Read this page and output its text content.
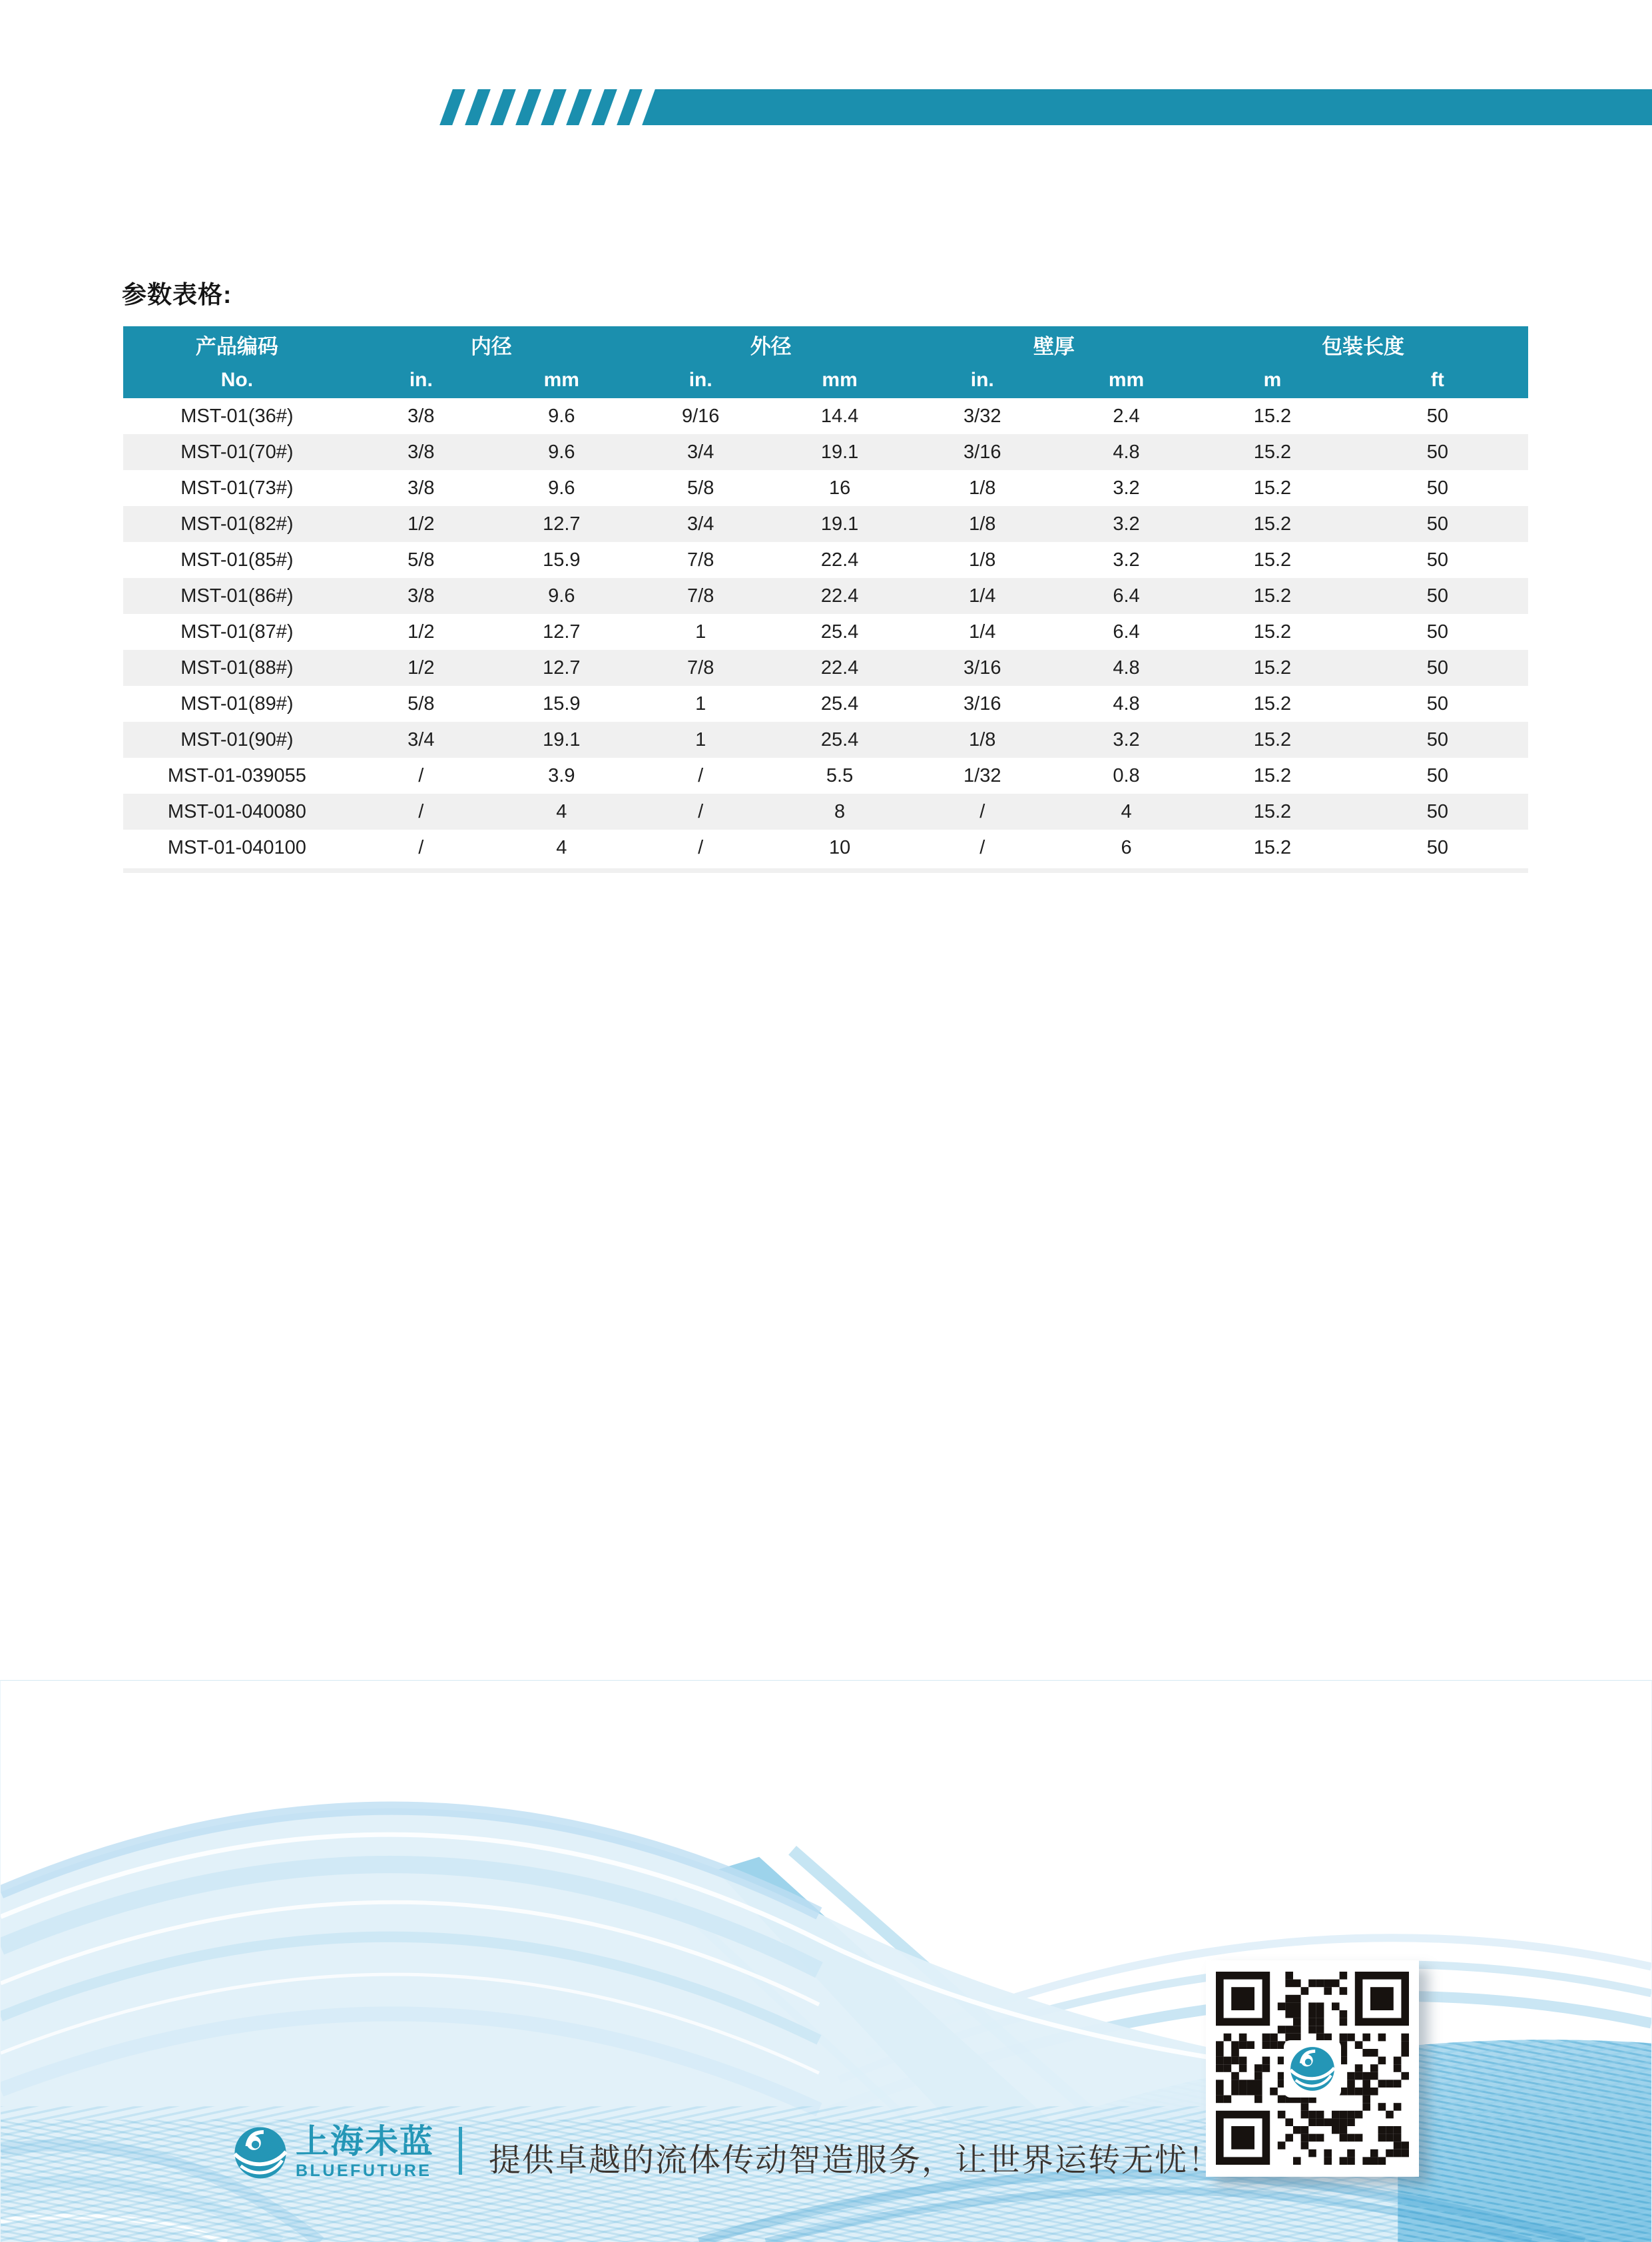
参数表格:
产品编码	内径		外径		壁厚		包装长度	
No.	in.	mm	in.	mm	in.	mm	m	ft
MST-01(36#)	3/8	9.6	9/16	14.4	3/32	2.4	15.2	50
MST-01(70#)	3/8	9.6	3/4	19.1	3/16	4.8	15.2	50
MST-01(73#)	3/8	9.6	5/8	16	1/8	3.2	15.2	50
MST-01(82#)	1/2	12.7	3/4	19.1	1/8	3.2	15.2	50
MST-01(85#)	5/8	15.9	7/8	22.4	1/8	3.2	15.2	50
MST-01(86#)	3/8	9.6	7/8	22.4	1/4	6.4	15.2	50
MST-01(87#)	1/2	12.7	1	25.4	1/4	6.4	15.2	50
MST-01(88#)	1/2	12.7	7/8	22.4	3/16	4.8	15.2	50
MST-01(89#)	5/8	15.9	1	25.4	3/16	4.8	15.2	50
MST-01(90#)	3/4	19.1	1	25.4	1/8	3.2	15.2	50
MST-01-039055	/	3.9	/	5.5	1/32	0.8	15.2	50
MST-01-040080	/	4	/	8	/	4	15.2	50
MST-01-040100	/	4	/	10	/	6	15.2	50
上海未蓝
BLUEFUTURE 提供卓越的流体传动智造服务，让世界运转无忧！
